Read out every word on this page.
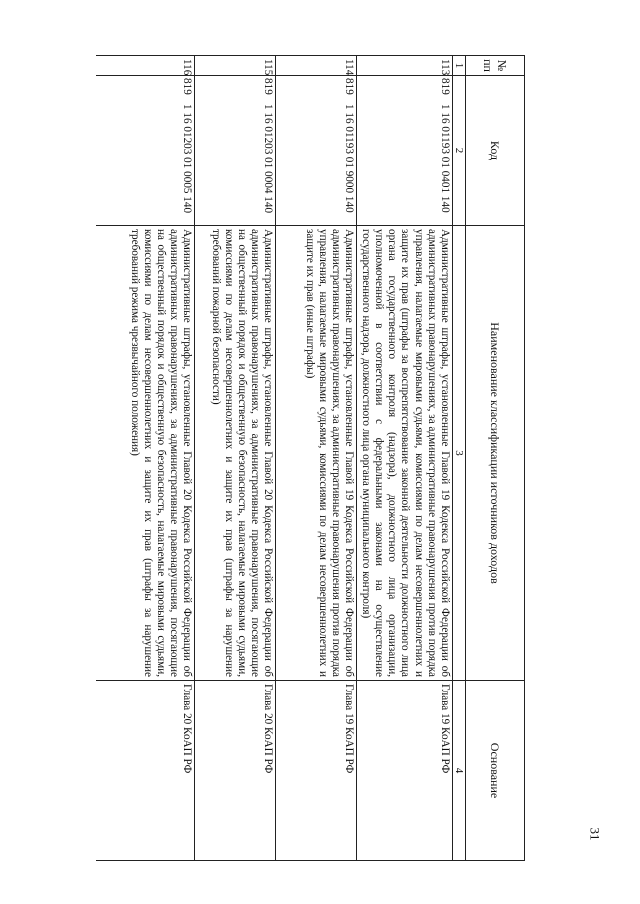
31
№ пп	Код	Наименование классификации источников доходов	Основание
1	2	3	4
113	8191 16 01193 01 0401 140	Административные штрафы, установленные Главой 19 Кодекса Российской Федерации об административных правонарушениях, за административные правонарушения против порядка управления, налагаемые мировыми судьями, комиссиями по делам несовершеннолетних и защите их прав (штрафы за воспрепятствование законной деятельности должностного лица органа государственного контроля (надзора), должностного лица организации, уполномоченной в соответствии с федеральными законами на осуществление государственного надзора, должностного лица органа муниципального контроля)	Глава 19 КоАП РФ
114	8191 16 01193 01 9000 140	Административные штрафы, установленные Главой 19 Кодекса Российской Федерации об административных правонарушениях, за административные правонарушения против порядка управления, налагаемые мировыми судьями, комиссиями по делам несовершеннолетних и защите их прав (иные штрафы)	Глава 19 КоАП РФ
115	8191 16 01203 01 0004 140	Административные штрафы, установленные Главой 20 Кодекса Российской Федерации об административных правонарушениях, за административные правонарушения, посягающие на общественный порядок и общественную безопасность, налагаемые мировыми судьями, комиссиями по делам несовершеннолетних и защите их прав (штрафы за нарушение требований пожарной безопасности)	Глава 20 КоАП РФ
116	8191 16 01203 01 0005 140	Административные штрафы, установленные Главой 20 Кодекса Российской Федерации об административных правонарушениях, за административные правонарушения, посягающие на общественный порядок и общественную безопасность, налагаемые мировыми судьями, комиссиями по делам несовершеннолетних и защите их прав (штрафы за нарушение требований режима чрезвычайного положения)	Глава 20 КоАП РФ
